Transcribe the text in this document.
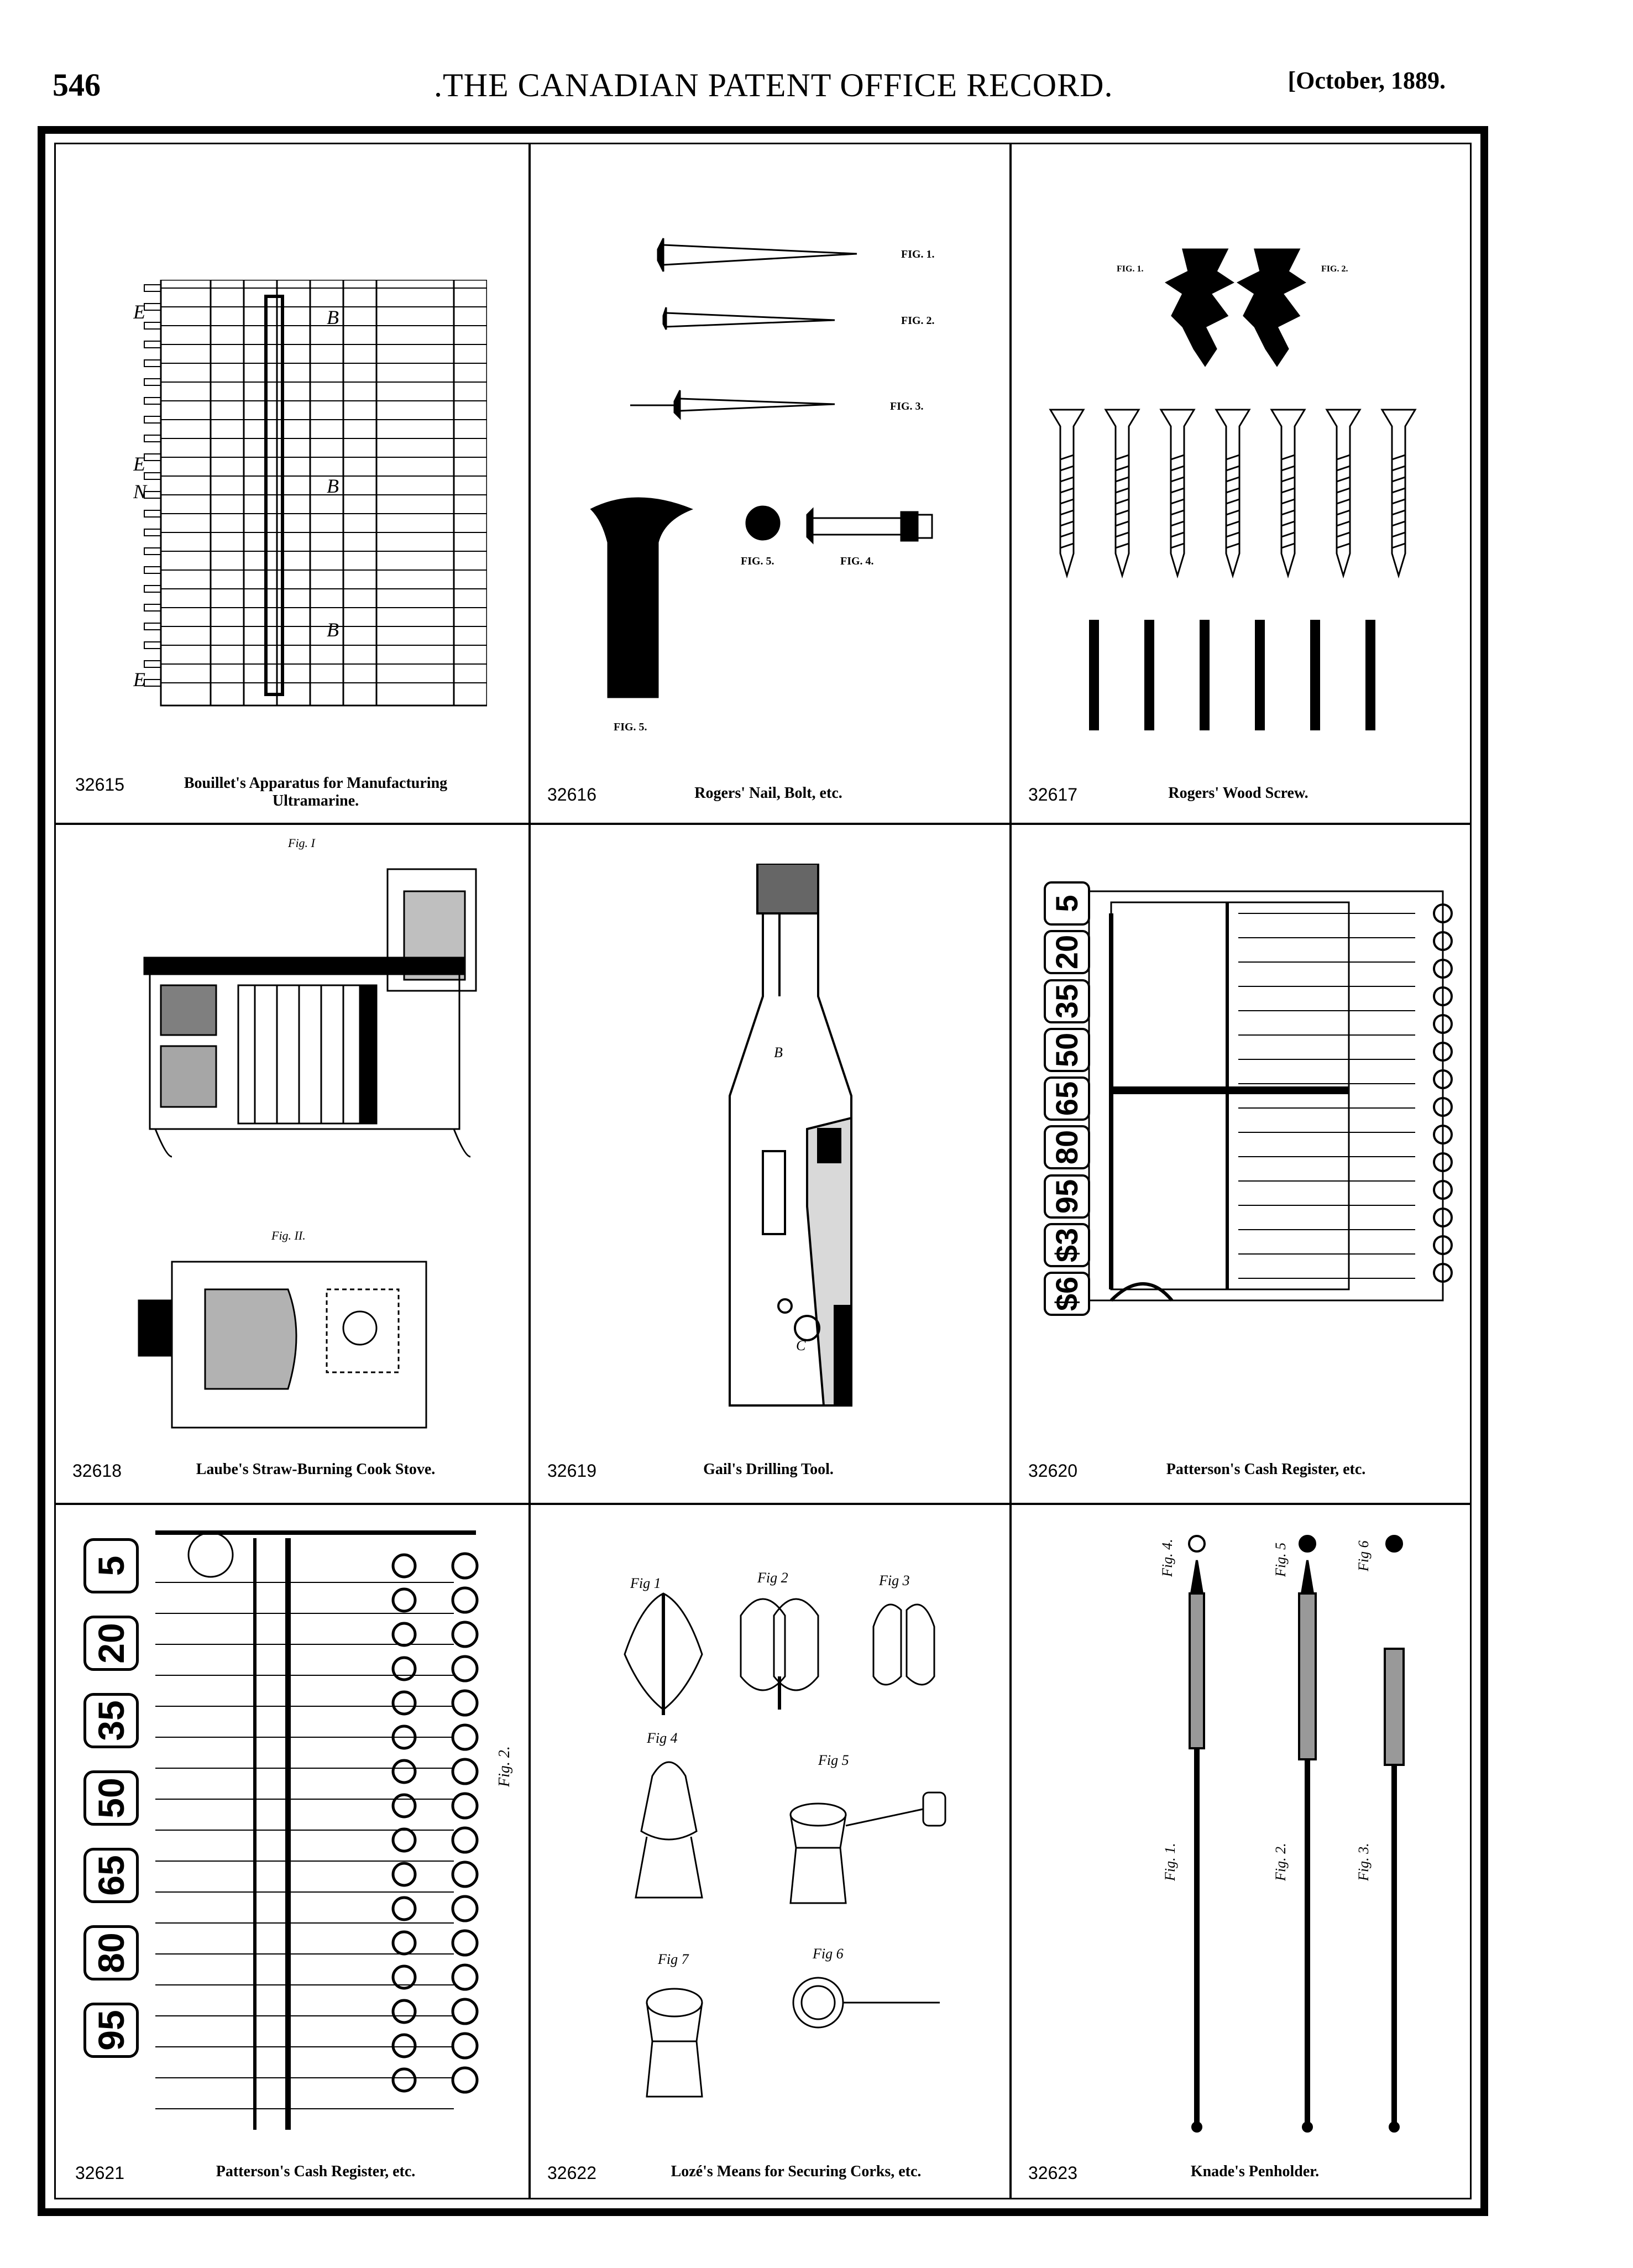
546	.THE CANADIAN PATENT OFFICE RECORD.	[October, 1889.
B
B
B
E
E
N
E
32615	Bouillet's Apparatus for Manufacturing
Ultramarine.
FIG. 1.
FIG. 2.
FIG. 3.
FIG. 5.	FIG. 4.
FIG. 5.
32616	Rogers' Nail, Bolt, etc.
FIG. 1.	FIG. 2.
32617	Rogers' Wood Screw.
Fig. I
Fig. II.
32618	Laube's Straw-Burning Cook Stove.
B
C
32619	Gail's Drilling Tool.
$6
$3
95
80
65
50
35
20
5
32620	Patterson's Cash Register, etc.
5
20
35
50
65
80
95
Fig. 2.
32621	Patterson's Cash Register, etc.
Fig 1	Fig 2	Fig 3
Fig 4
Fig 5
Fig 7	Fig 6
32622	Lozé's Means for Securing Corks, etc.
Fig. 4.	Fig. 5	Fig 6
Fig. 1.	Fig. 2.	Fig. 3.
32623	Knade's Penholder.
